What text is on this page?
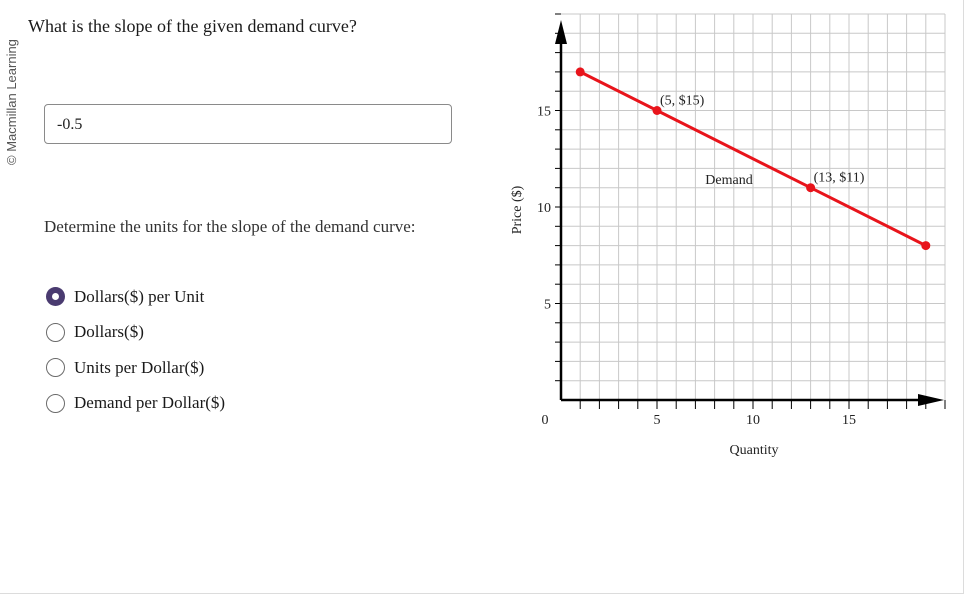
© Macmillan Learning
What is the slope of the given demand curve?
-0.5
Determine the units for the slope of the demand curve:
Dollars($) per Unit
Dollars($)
Units per Dollar($)
Demand per Dollar($)
5	10	15
5
10
15
0
Quantity
Price ($)
Demand
(5, $15)
(13, $11)
